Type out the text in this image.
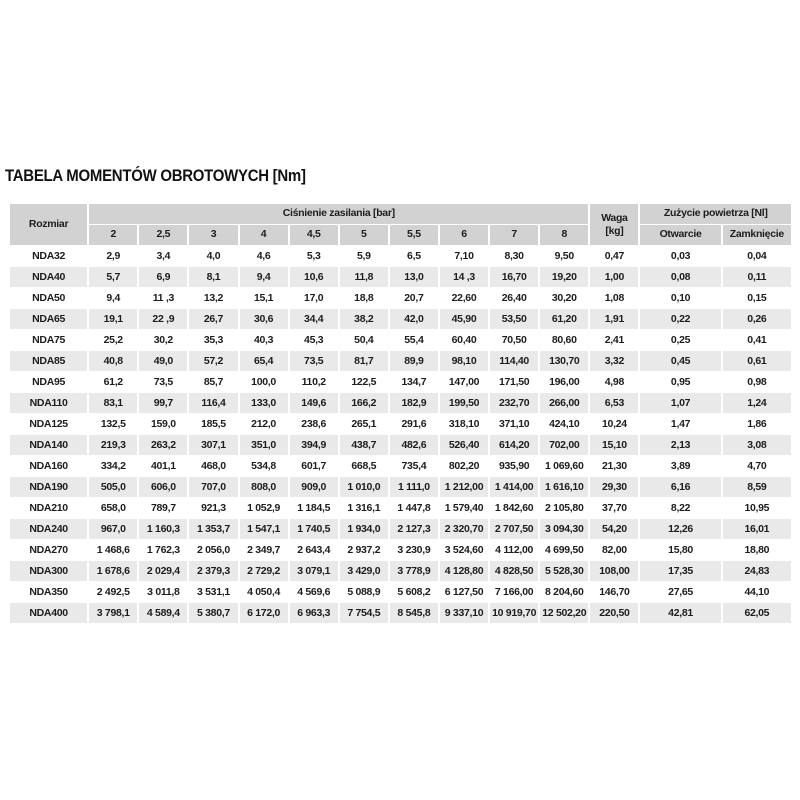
TABELA MOMENTÓW OBROTOWYCH [Nm]
Rozmiar	Ciśnienie zasilania [bar]										Waga
[kg]	Zużycie powietrza [Nl]	
	2	2,5	3	4	4,5	5	5,5	6	7	8		Otwarcie	Zamknięcie
NDA32	2,9	3,4	4,0	4,6	5,3	5,9	6,5	7,10	8,30	9,50	0,47	0,03	0,04
NDA40	5,7	6,9	8,1	9,4	10,6	11,8	13,0	14 ,3	16,70	19,20	1,00	0,08	0,11
NDA50	9,4	11 ,3	13,2	15,1	17,0	18,8	20,7	22,60	26,40	30,20	1,08	0,10	0,15
NDA65	19,1	22 ,9	26,7	30,6	34,4	38,2	42,0	45,90	53,50	61,20	1,91	0,22	0,26
NDA75	25,2	30,2	35,3	40,3	45,3	50,4	55,4	60,40	70,50	80,60	2,41	0,25	0,41
NDA85	40,8	49,0	57,2	65,4	73,5	81,7	89,9	98,10	114,40	130,70	3,32	0,45	0,61
NDA95	61,2	73,5	85,7	100,0	110,2	122,5	134,7	147,00	171,50	196,00	4,98	0,95	0,98
NDA110	83,1	99,7	116,4	133,0	149,6	166,2	182,9	199,50	232,70	266,00	6,53	1,07	1,24
NDA125	132,5	159,0	185,5	212,0	238,6	265,1	291,6	318,10	371,10	424,10	10,24	1,47	1,86
NDA140	219,3	263,2	307,1	351,0	394,9	438,7	482,6	526,40	614,20	702,00	15,10	2,13	3,08
NDA160	334,2	401,1	468,0	534,8	601,7	668,5	735,4	802,20	935,90	1 069,60	21,30	3,89	4,70
NDA190	505,0	606,0	707,0	808,0	909,0	1 010,0	1 111,0	1 212,00	1 414,00	1 616,10	29,30	6,16	8,59
NDA210	658,0	789,7	921,3	1 052,9	1 184,5	1 316,1	1 447,8	1 579,40	1 842,60	2 105,80	37,70	8,22	10,95
NDA240	967,0	1 160,3	1 353,7	1 547,1	1 740,5	1 934,0	2 127,3	2 320,70	2 707,50	3 094,30	54,20	12,26	16,01
NDA270	1 468,6	1 762,3	2 056,0	2 349,7	2 643,4	2 937,2	3 230,9	3 524,60	4 112,00	4 699,50	82,00	15,80	18,80
NDA300	1 678,6	2 029,4	2 379,3	2 729,2	3 079,1	3 429,0	3 778,9	4 128,80	4 828,50	5 528,30	108,00	17,35	24,83
NDA350	2 492,5	3 011,8	3 531,1	4 050,4	4 569,6	5 088,9	5 608,2	6 127,50	7 166,00	8 204,60	146,70	27,65	44,10
NDA400	3 798,1	4 589,4	5 380,7	6 172,0	6 963,3	7 754,5	8 545,8	9 337,10	10 919,70	12 502,20	220,50	42,81	62,05
